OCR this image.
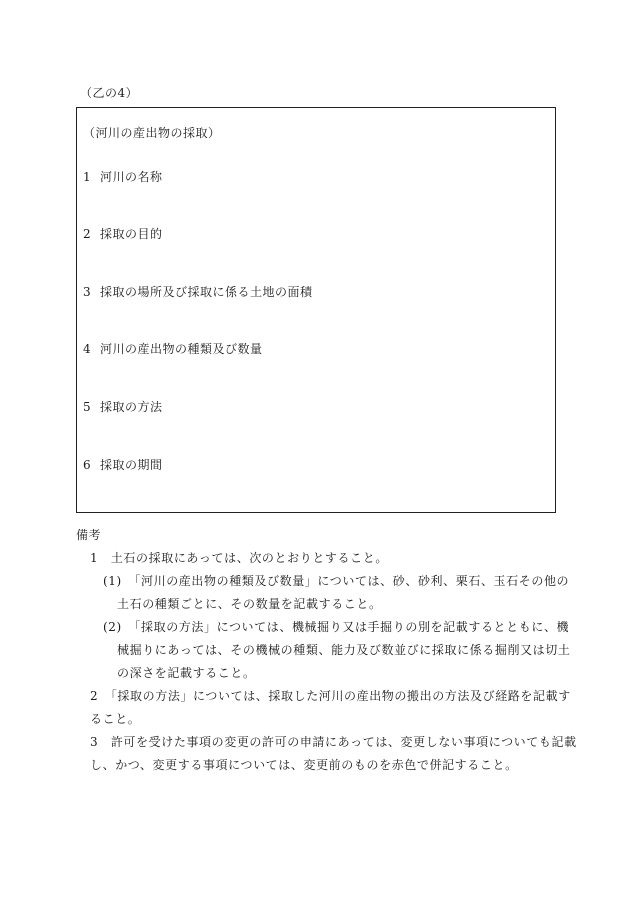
（乙の4）
（河川の産出物の採取）
1 河川の名称
2 採取の目的
3 採取の場所及び採取に係る土地の面積
4 河川の産出物の種類及び数量
5 採取の方法
6 採取の期間
備考
1　土石の採取にあっては、次のとおりとすること。
(1)　「河川の産出物の種類及び数量」については、砂、砂利、栗石、玉石その他の
土石の種類ごとに、その数量を記載すること。
(2)　「採取の方法」については、機械掘り又は手掘りの別を記載するとともに、機
械掘りにあっては、その機械の種類、能力及び数並びに採取に係る掘削又は切土
の深さを記載すること。
2　「採取の方法」については、採取した河川の産出物の搬出の方法及び経路を記載す
ること。
3　許可を受けた事項の変更の許可の申請にあっては、変更しない事項についても記載
し、かつ、変更する事項については、変更前のものを赤色で併記すること。
